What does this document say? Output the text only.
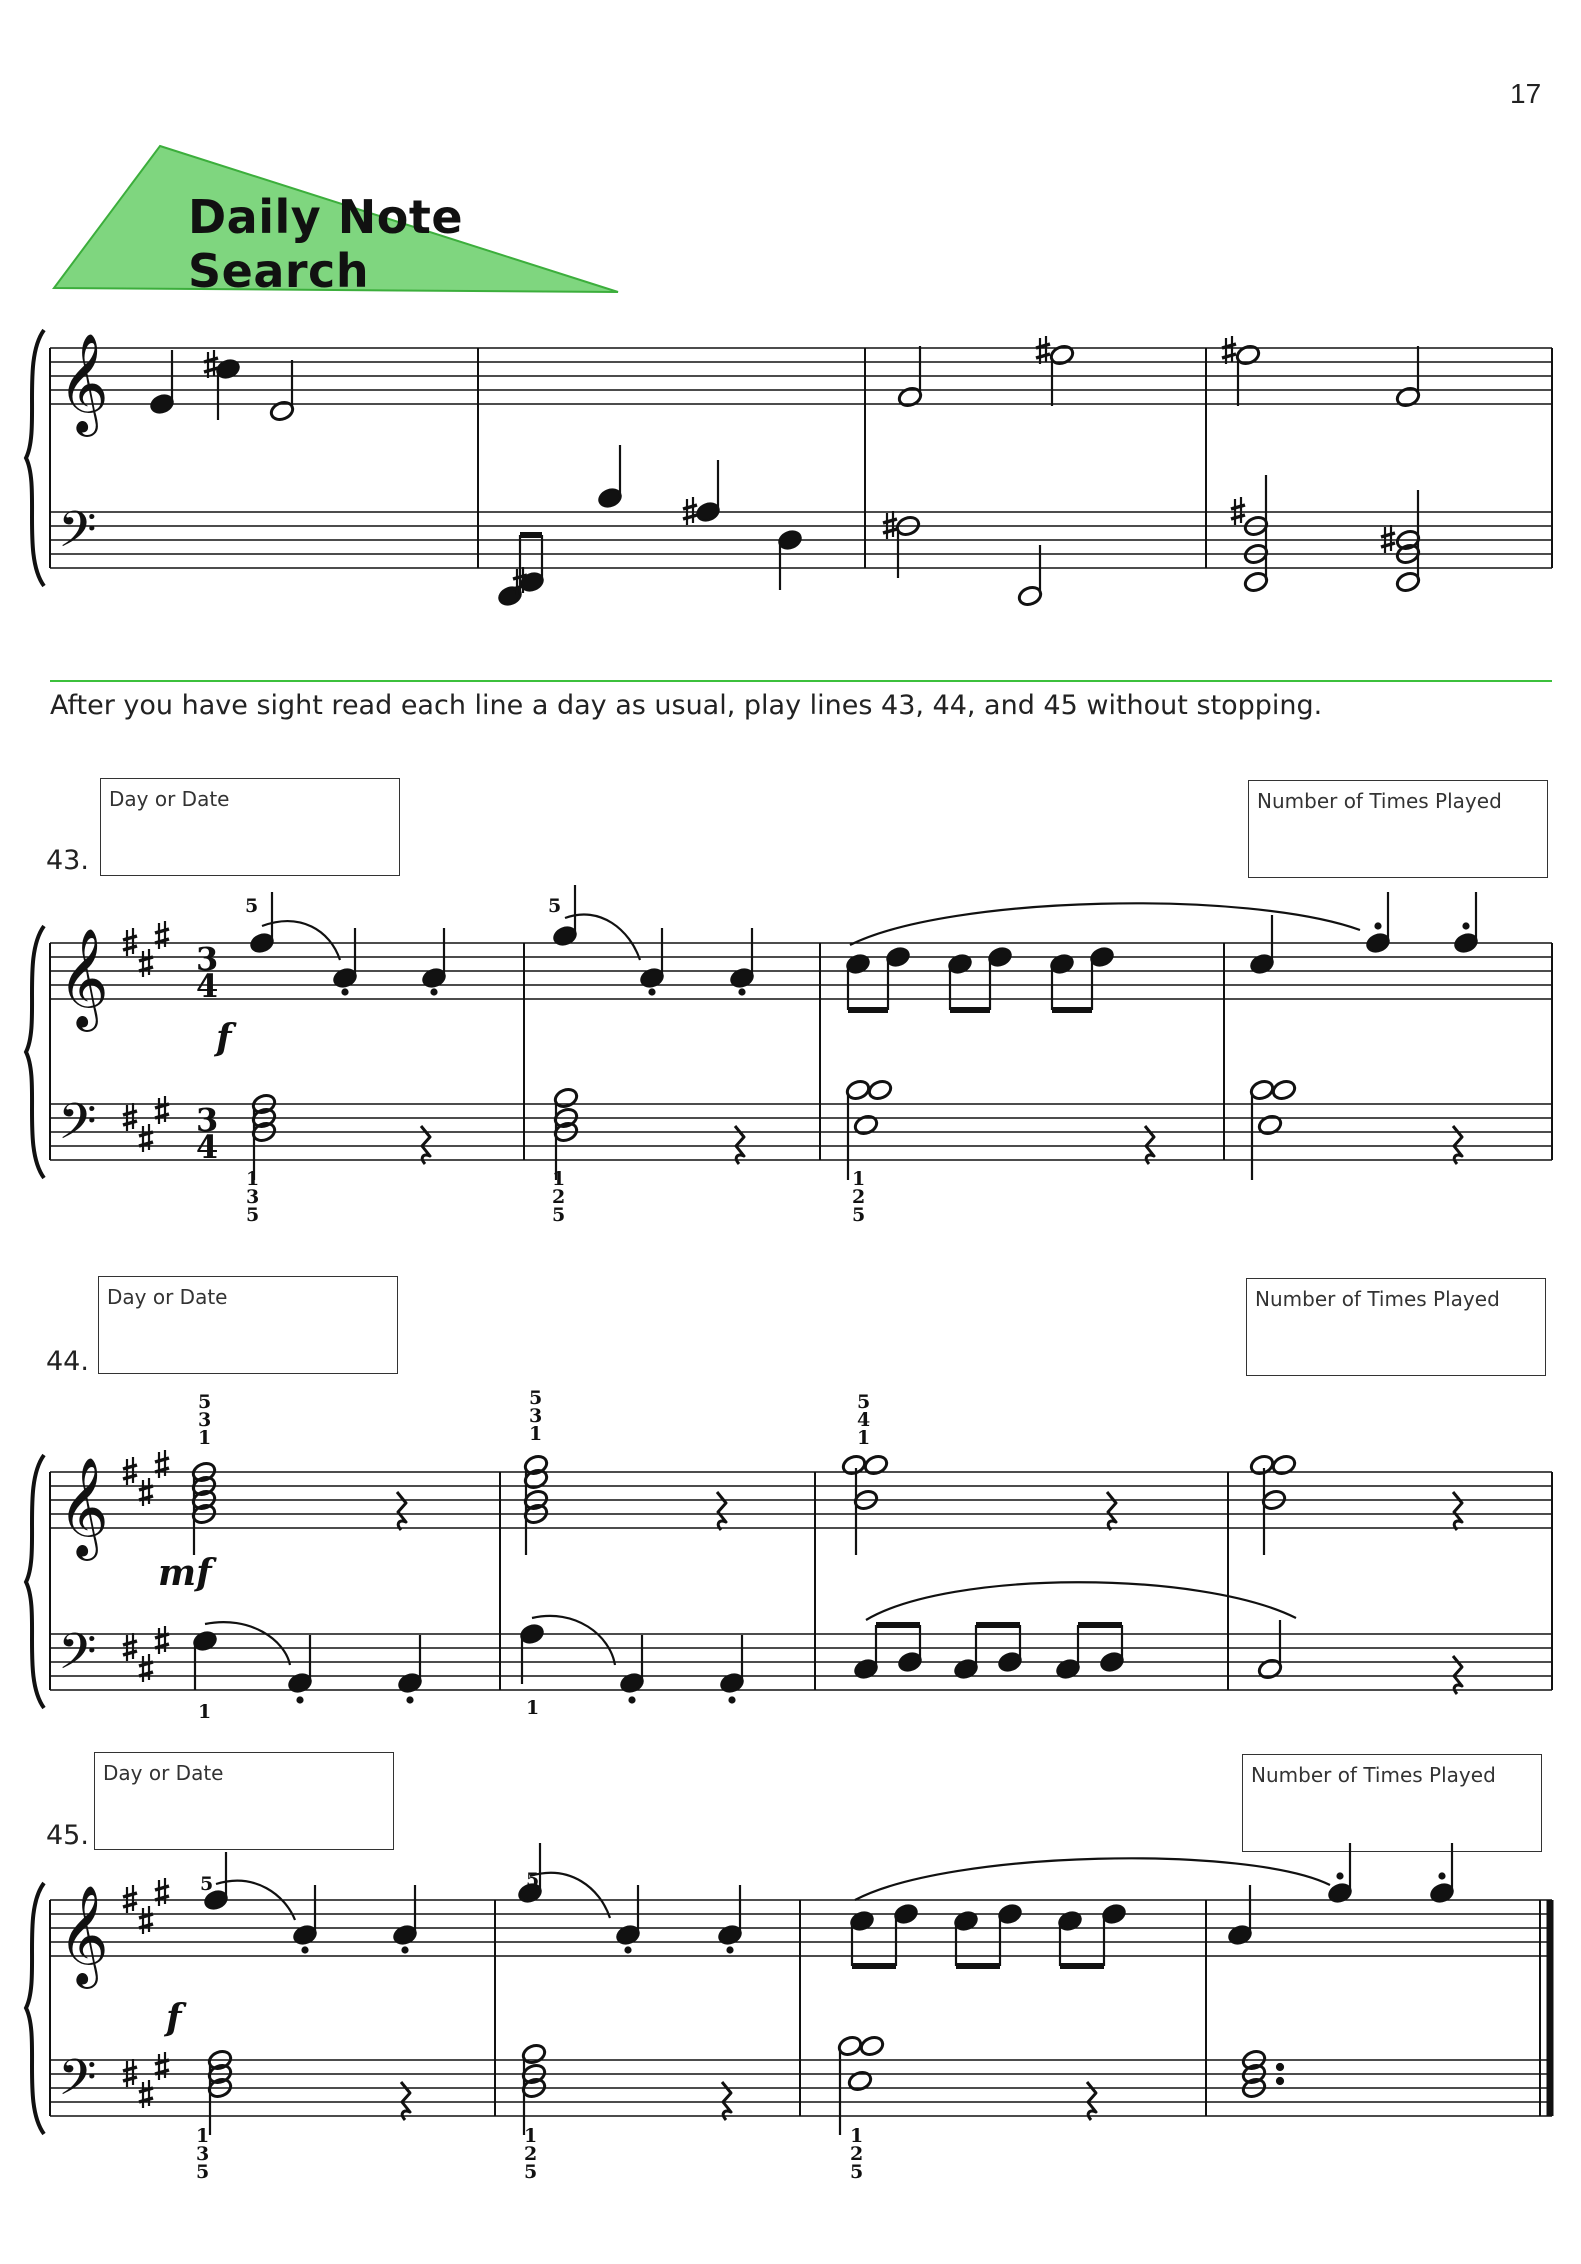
17
Daily Note Search
𝄞
𝄢
After you have sight read each line a day as usual, play lines 43, 44, and 45 without stopping.
43.
Day or Date	Number of Times Played
44.
Day or Date	Number of Times Played
45.
Day or Date	Number of Times Played
𝄞
𝄢
3
4
3
4
f
5	5
1
3
5
1
2
5
1
2
5
𝄞
𝄢
mf
5
3
1
5
3
1
5
4
1
1	1
𝄞
𝄢
f
5	5
1
3
5
1
2
5
1
2
5
